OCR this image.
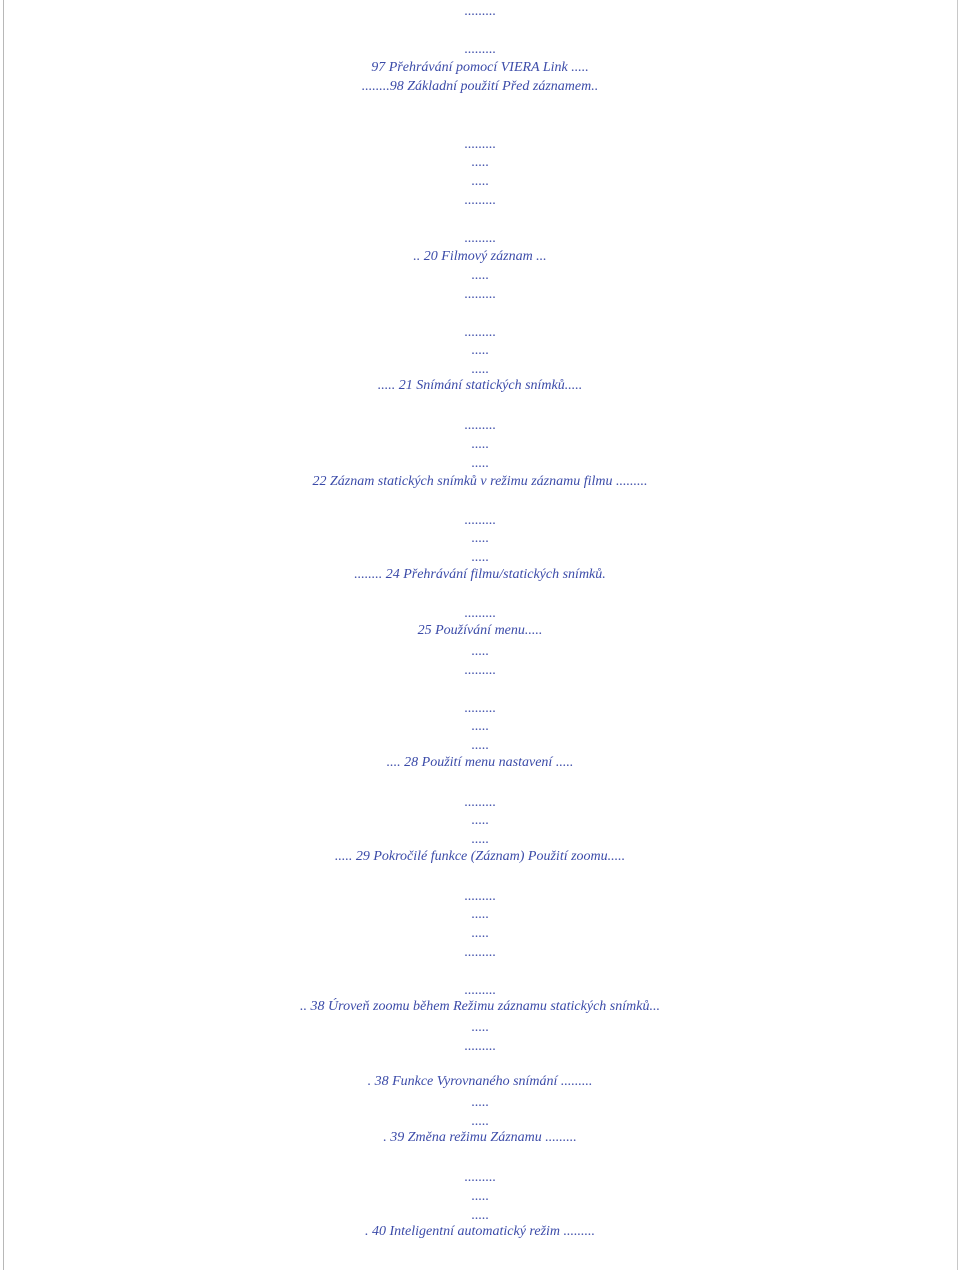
.........
.........
97 Přehrávání pomocí VIERA Link .....
........98 Základní použití Před záznamem..
.........
.....
.....
.........
.........
.. 20 Filmový záznam ...
.....
.........
.........
.....
.....
..... 21 Snímání statických snímků.....
.........
.....
.....
22 Záznam statických snímků v režimu záznamu filmu .........
.........
.....
.....
........ 24 Přehrávání filmu/statických snímků.
.........
25 Používání menu.....
.....
.........
.........
.....
.....
.... 28 Použití menu nastavení .....
.........
.....
.....
..... 29 Pokročilé funkce (Záznam) Použití zoomu.....
.........
.....
.....
.........
.........
.. 38 Úroveň zoomu během Režimu záznamu statických snímků...
.....
.........
. 38 Funkce Vyrovnaného snímání .........
.....
.....
. 39 Změna režimu Záznamu .........
.........
.....
.....
. 40 Inteligentní automatický režim .........
